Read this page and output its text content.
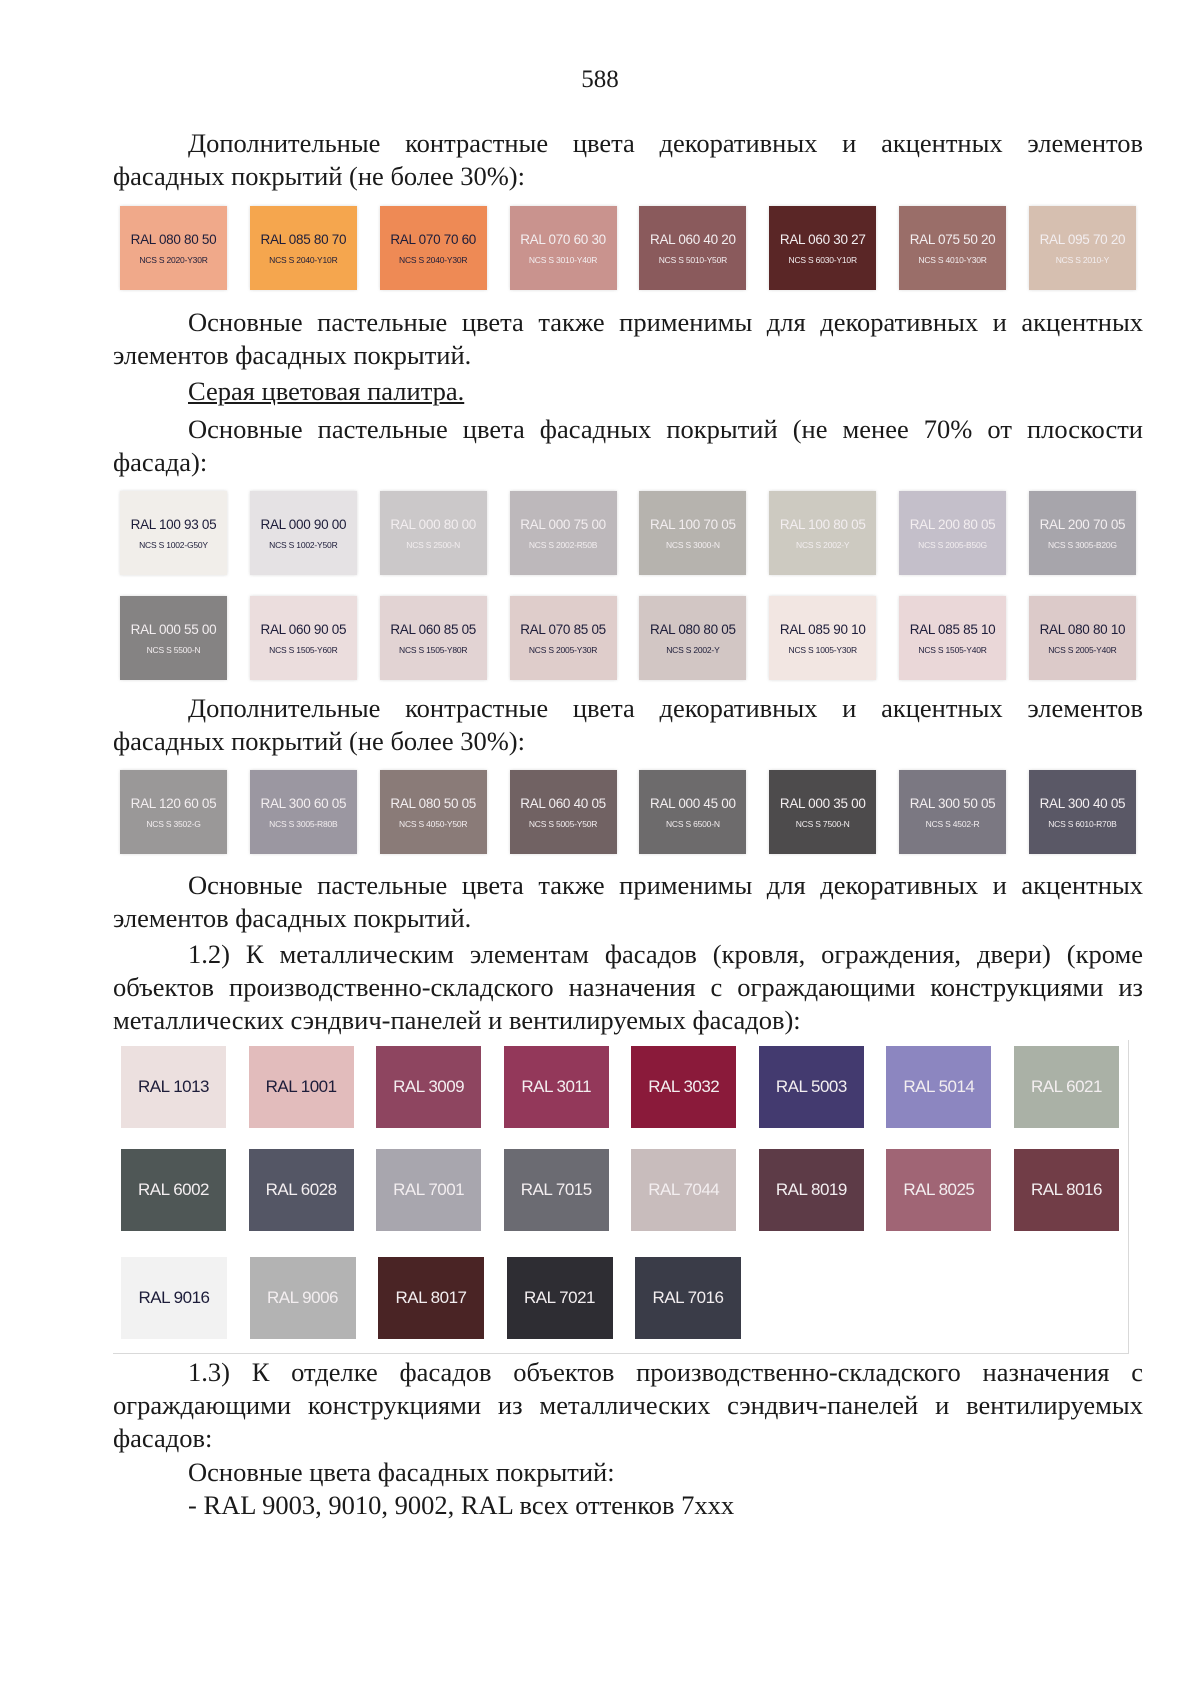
588

Дополнительные контрастные цвета декоративных и акцентных элементов фасадных покрытий (не более 30%):

RAL 080 80 50
NCS S 2020-Y30R
RAL 085 80 70
NCS S 2040-Y10R
RAL 070 70 60
NCS S 2040-Y30R
RAL 070 60 30
NCS S 3010-Y40R
RAL 060 40 20
NCS S 5010-Y50R
RAL 060 30 27
NCS S 6030-Y10R
RAL 075 50 20
NCS S 4010-Y30R
RAL 095 70 20
NCS S 2010-Y

Основные пастельные цвета также применимы для декоративных и акцентных элементов фасадных покрытий.

Серая цветовая палитра.

Основные пастельные цвета фасадных покрытий (не менее 70% от плоскости фасада):

RAL 100 93 05
NCS S 1002-G50Y
RAL 000 90 00
NCS S 1002-Y50R
RAL 000 80 00
NCS S 2500-N
RAL 000 75 00
NCS S 2002-R50B
RAL 100 70 05
NCS S 3000-N
RAL 100 80 05
NCS S 2002-Y
RAL 200 80 05
NCS S 2005-B50G
RAL 200 70 05
NCS S 3005-B20G
RAL 000 55 00
NCS S 5500-N
RAL 060 90 05
NCS S 1505-Y60R
RAL 060 85 05
NCS S 1505-Y80R
RAL 070 85 05
NCS S 2005-Y30R
RAL 080 80 05
NCS S 2002-Y
RAL 085 90 10
NCS S 1005-Y30R
RAL 085 85 10
NCS S 1505-Y40R
RAL 080 80 10
NCS S 2005-Y40R

Дополнительные контрастные цвета декоративных и акцентных элементов фасадных покрытий (не более 30%):

RAL 120 60 05
NCS S 3502-G
RAL 300 60 05
NCS S 3005-R80B
RAL 080 50 05
NCS S 4050-Y50R
RAL 060 40 05
NCS S 5005-Y50R
RAL 000 45 00
NCS S 6500-N
RAL 000 35 00
NCS S 7500-N
RAL 300 50 05
NCS S 4502-R
RAL 300 40 05
NCS S 6010-R70B

Основные пастельные цвета также применимы для декоративных и акцентных элементов фасадных покрытий.

1.2) К металлическим элементам фасадов (кровля, ограждения, двери) (кроме объектов производственно-складского назначения с ограждающими конструкциями из металлических сэндвич-панелей и вентилируемых фасадов):

RAL 1013	RAL 1001	RAL 3009	RAL 3011	RAL 3032	RAL 5003	RAL 5014	RAL 6021
RAL 6002	RAL 6028	RAL 7001	RAL 7015	RAL 7044	RAL 8019	RAL 8025	RAL 8016
RAL 9016	RAL 9006	RAL 8017	RAL 7021	RAL 7016

1.3) К отделке фасадов объектов производственно-складского назначения с ограждающими конструкциями из металлических сэндвич-панелей и вентилируемых фасадов:

Основные цвета фасадных покрытий:

- RAL 9003, 9010, 9002, RAL всех оттенков 7ххх
